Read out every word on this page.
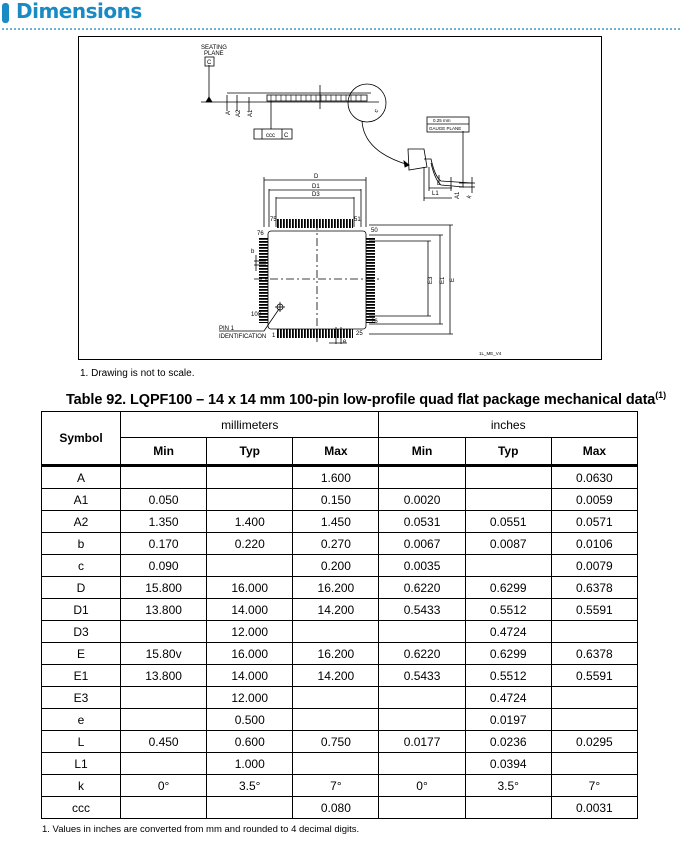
Dimensions
SEATING
PLANE
C
A A2 A1
ccc C
c
0.25 mm
GAUGE PLANE
A1 k
L
L1
D
D1
D3
75	51
76	50
100
26
1	25
b
e
E3 E1 E
PIN 1
IDENTIFICATION
1L_ME_V4
1. Drawing is not to scale.
Table 92. LQPF100 – 14 x 14 mm 100-pin low-profile quad flat package mechanical data$^{(1)}$
Symbol	millimeters			inches		
	Min	Typ	Max	Min	Typ	Max
A			1.600			0.0630
A1	0.050		0.150	0.0020		0.0059
A2	1.350	1.400	1.450	0.0531	0.0551	0.0571
b	0.170	0.220	0.270	0.0067	0.0087	0.0106
c	0.090		0.200	0.0035		0.0079
D	15.800	16.000	16.200	0.6220	0.6299	0.6378
D1	13.800	14.000	14.200	0.5433	0.5512	0.5591
D3		12.000			0.4724	
E	15.80v	16.000	16.200	0.6220	0.6299	0.6378
E1	13.800	14.000	14.200	0.5433	0.5512	0.5591
E3		12.000			0.4724	
e		0.500			0.0197	
L	0.450	0.600	0.750	0.0177	0.0236	0.0295
L1		1.000			0.0394	
k	0°	3.5°	7°	0°	3.5°	7°
ccc			0.080			0.0031
1. Values in inches are converted from mm and rounded to 4 decimal digits.
